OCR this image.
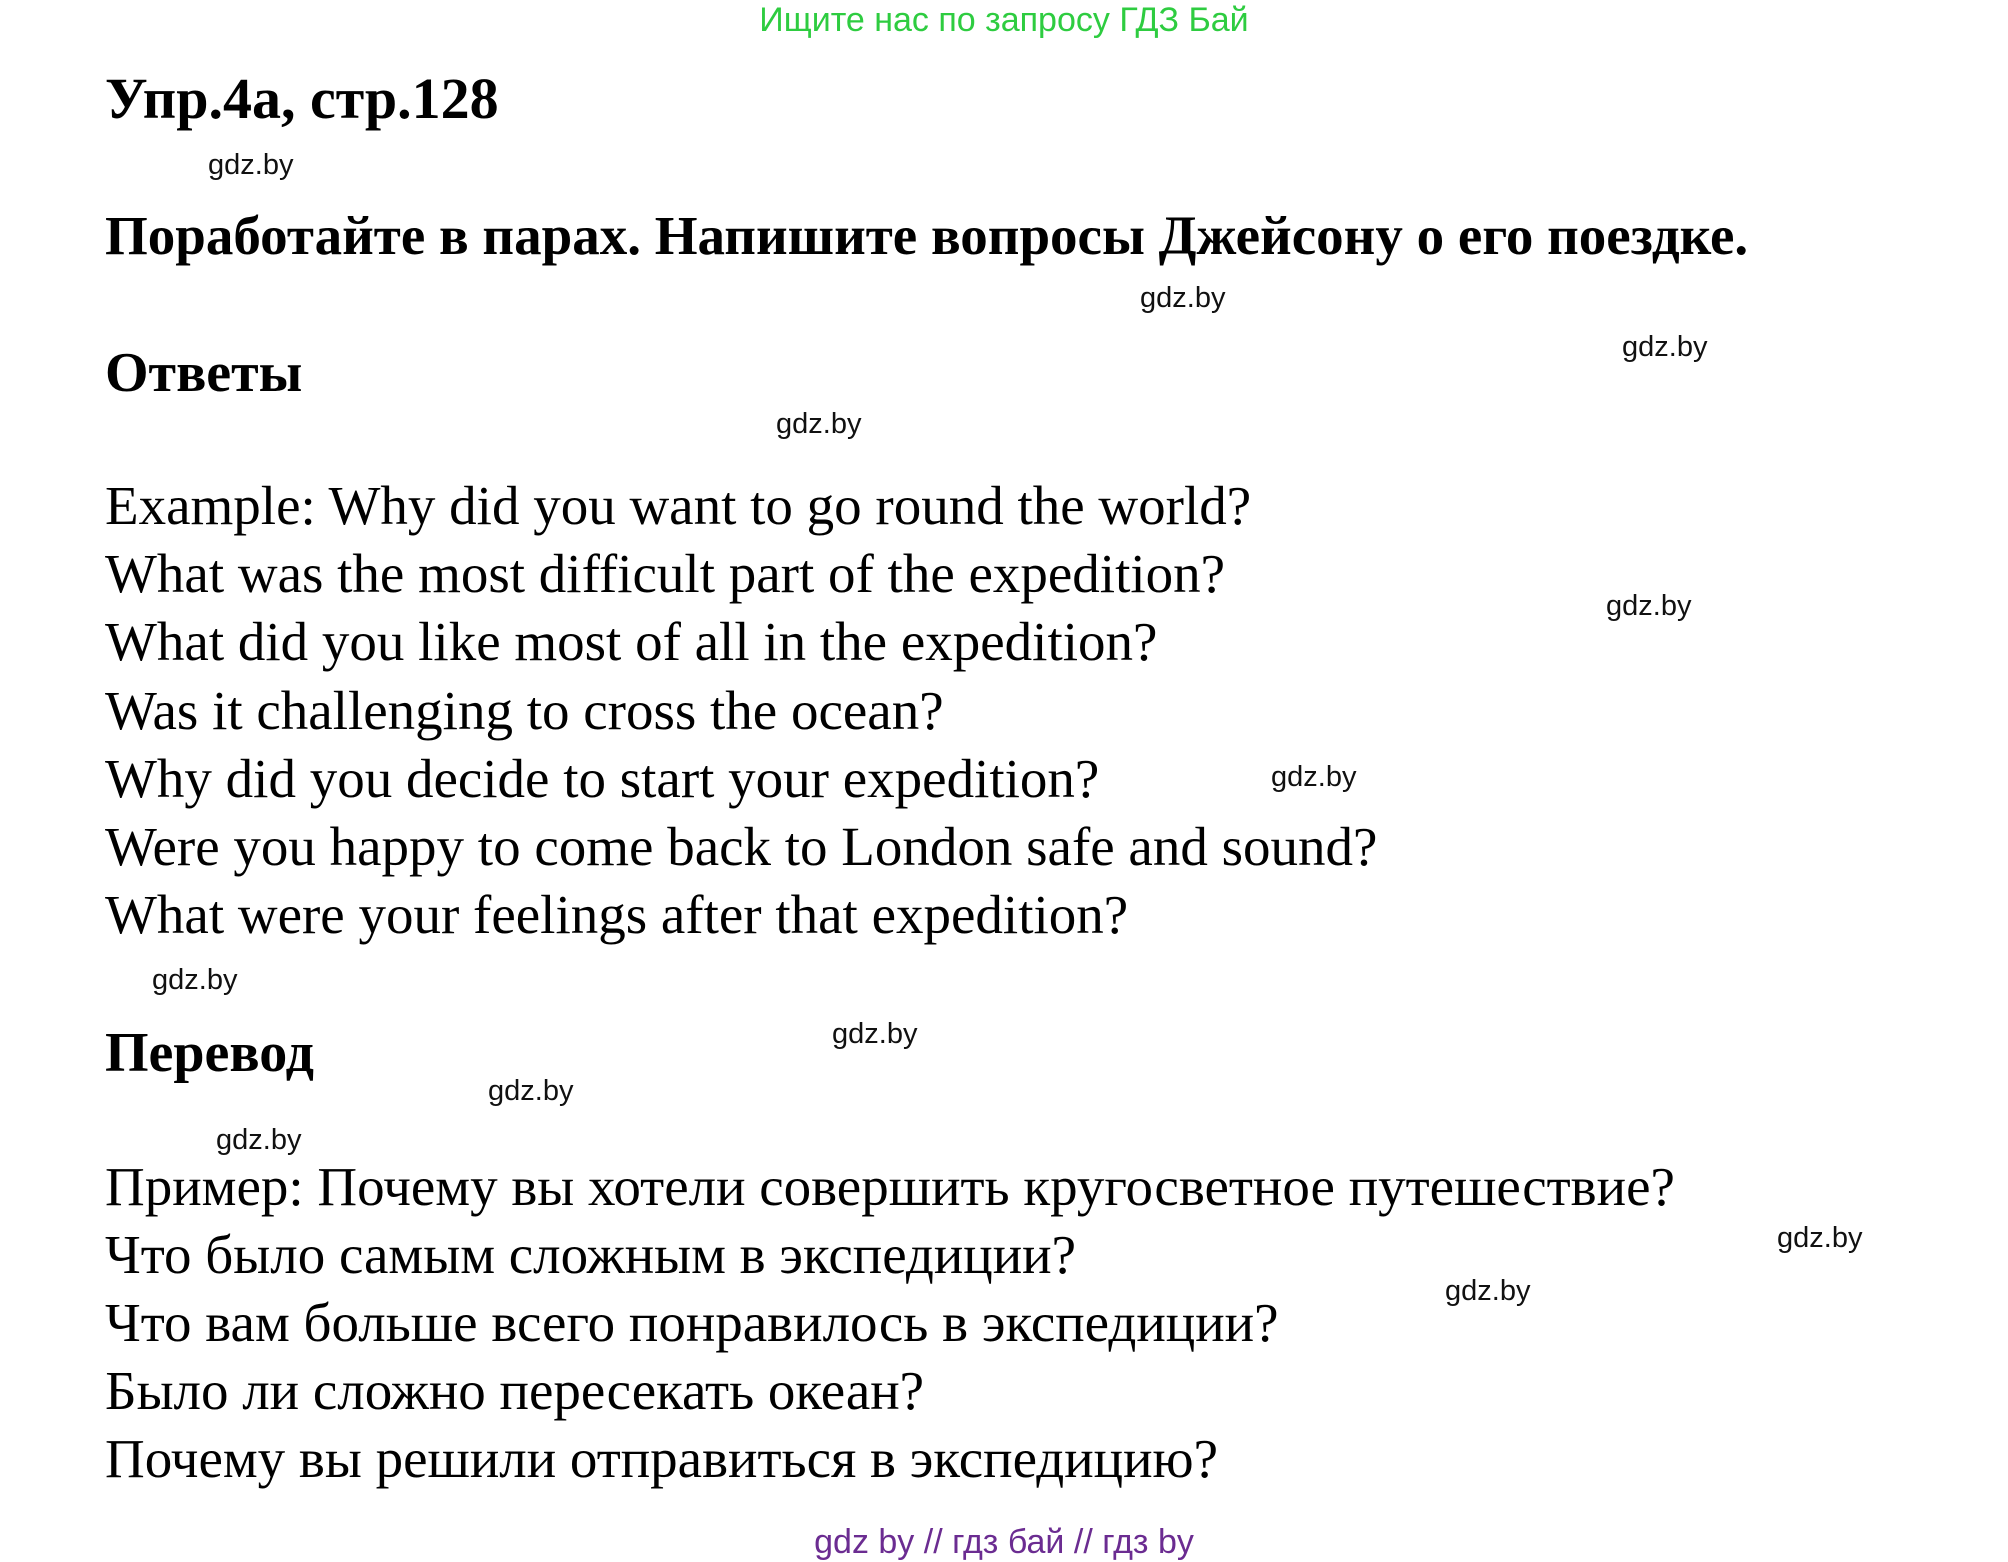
Ищите нас по запросу ГДЗ Бай
Упр.4а, стр.128
gdz.by
Поработайте в парах. Напишите вопросы Джейсону о его поездке.
gdz.by
Ответы	gdz.by
gdz.by
Example: Why did you want to go round the world?
What was the most difficult part of the expedition?
gdz.by
What did you like most of all in the expedition?
Was it challenging to cross the ocean?
Why did you decide to start your expedition?	gdz.by
Were you happy to come back to London safe and sound?
What were your feelings after that expedition?
gdz.by
Перевод	gdz.by
gdz.by
gdz.by
Пример: Почему вы хотели совершить кругосветное путешествие?
gdz.by
Что было самым сложным в экспедиции?
gdz.by
Что вам больше всего понравилось в экспедиции?
Было ли сложно пересекать океан?
Почему вы решили отправиться в экспедицию?
gdz by // гдз бай // гдз by
